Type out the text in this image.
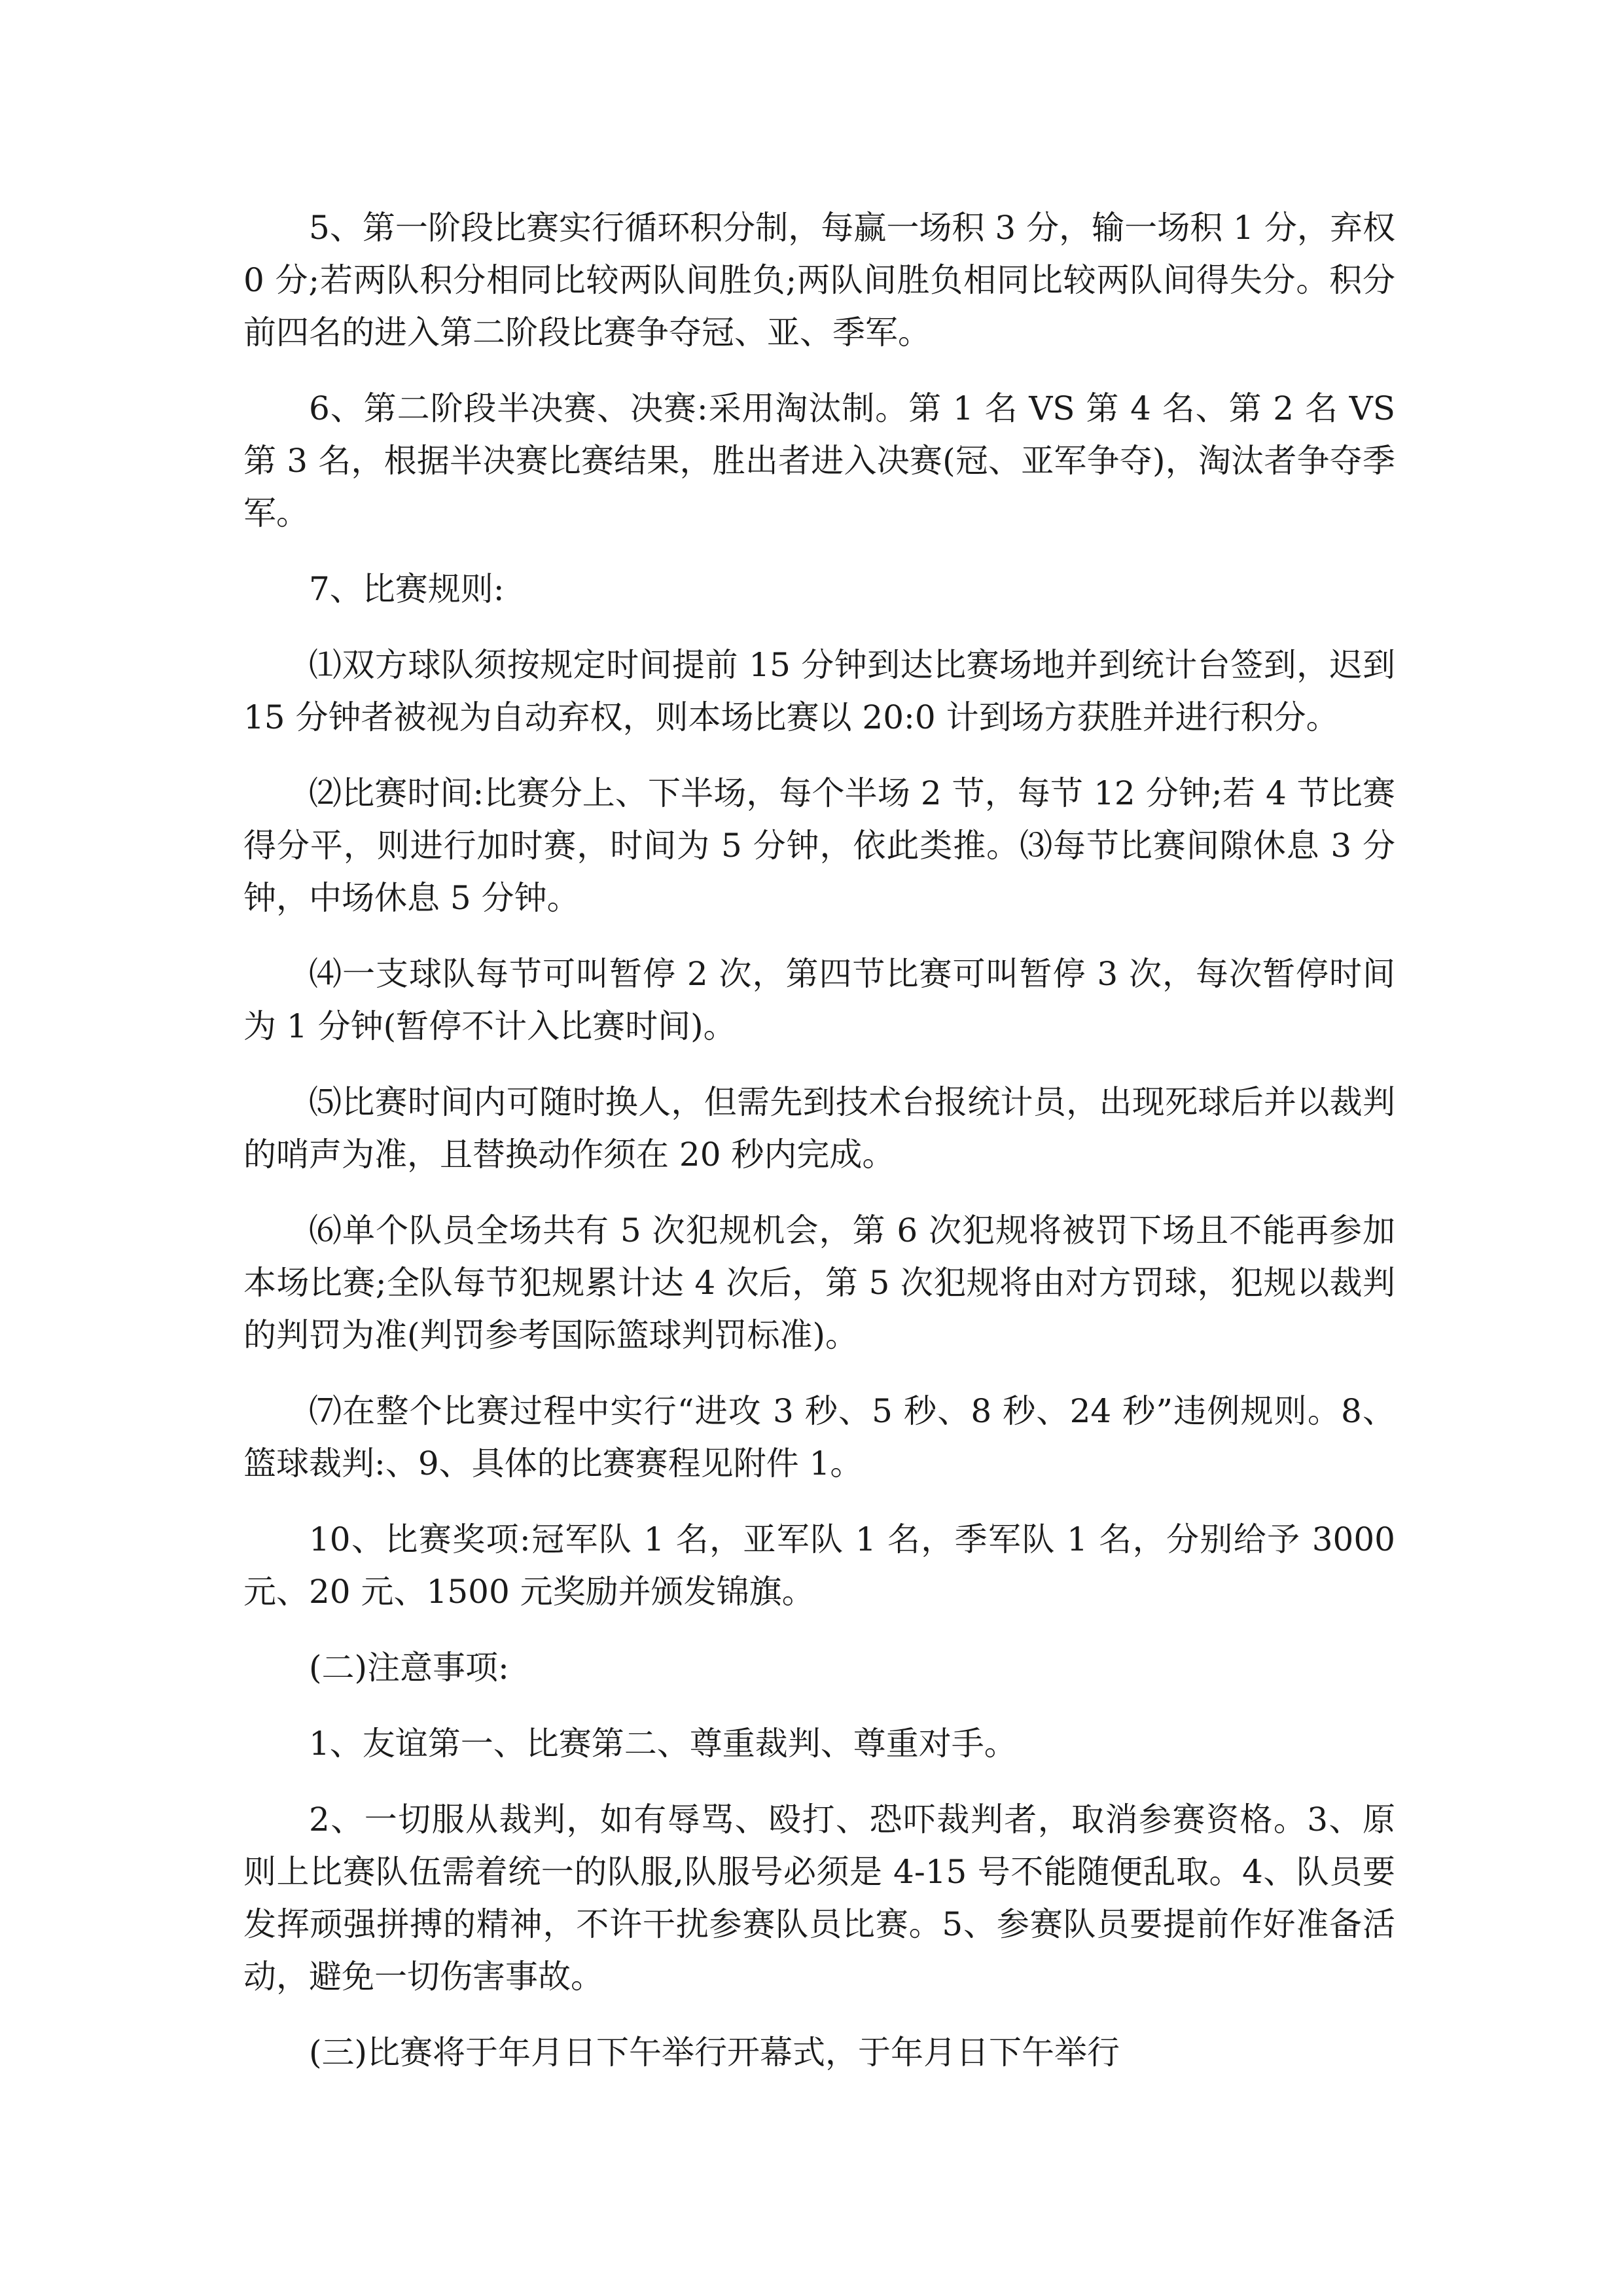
5、第一阶段比赛实行循环积分制，每赢一场积 3 分，输一场积 1 分，弃权 0 分;若两队积分相同比较两队间胜负;两队间胜负相同比较两队间得失分。积分前四名的进入第二阶段比赛争夺冠、亚、季军。

6、第二阶段半决赛、决赛:采用淘汰制。第 1 名 VS 第 4 名、第 2 名 VS 第 3 名，根据半决赛比赛结果，胜出者进入决赛(冠、亚军争夺)，淘汰者争夺季军。

7、比赛规则:

⑴双方球队须按规定时间提前 15 分钟到达比赛场地并到统计台签到，迟到 15 分钟者被视为自动弃权，则本场比赛以 20:0 计到场方获胜并进行积分。

⑵比赛时间:比赛分上、下半场，每个半场 2 节，每节 12 分钟;若 4 节比赛得分平，则进行加时赛，时间为 5 分钟，依此类推。⑶每节比赛间隙休息 3 分钟，中场休息 5 分钟。

⑷一支球队每节可叫暂停 2 次，第四节比赛可叫暂停 3 次，每次暂停时间为 1 分钟(暂停不计入比赛时间)。

⑸比赛时间内可随时换人，但需先到技术台报统计员，出现死球后并以裁判的哨声为准，且替换动作须在 20 秒内完成。

⑹单个队员全场共有 5 次犯规机会，第 6 次犯规将被罚下场且不能再参加本场比赛;全队每节犯规累计达 4 次后，第 5 次犯规将由对方罚球，犯规以裁判的判罚为准(判罚参考国际篮球判罚标准)。

⑺在整个比赛过程中实行“进攻 3 秒、5 秒、8 秒、24 秒”违例规则。8、篮球裁判:、9、具体的比赛赛程见附件 1。

10、比赛奖项:冠军队 1 名，亚军队 1 名，季军队 1 名，分别给予 3000 元、20 元、1500 元奖励并颁发锦旗。

(二)注意事项:

1、友谊第一、比赛第二、尊重裁判、尊重对手。

2、一切服从裁判，如有辱骂、殴打、恐吓裁判者，取消参赛资格。3、原则上比赛队伍需着统一的队服,队服号必须是 4-15 号不能随便乱取。4、队员要发挥顽强拼搏的精神，不许干扰参赛队员比赛。5、参赛队员要提前作好准备活动，避免一切伤害事故。

(三)比赛将于年月日下午举行开幕式，于年月日下午举行
